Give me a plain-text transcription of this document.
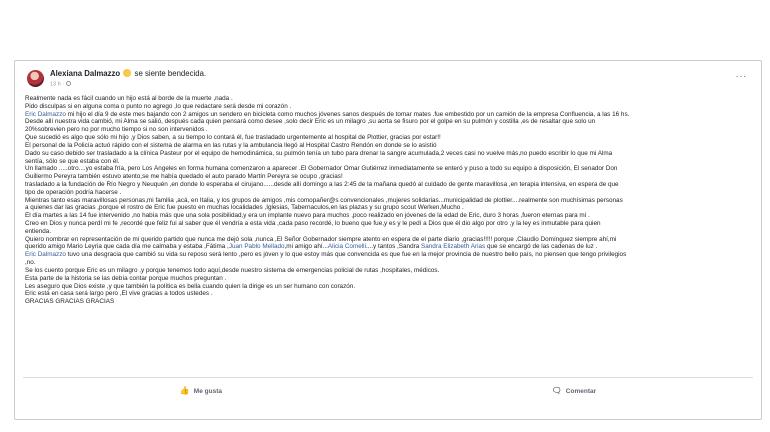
Alexiana Dalmazzo se siente bendecida.
13 h ·
···
Realmente nada es fácil cuando un hijo está al borde de la muerte ,nada .
Pido disculpas si en alguna coma o punto no agrego ,lo que redactare será desde mi corazón .
Eric Dalmazzo mi hijo el día 9 de este mes bajando con 2 amigos un sendero en bicicleta como muchos jóvenes sanos después de tomar mates .fue embestido por un camión de la empresa Confluencia, a las 16 hs.
Desde allí nuestra vida cambió, mi Alma se salió, después cada quien pensará como desee ,solo decir Eric es un milagro ,su aorta se fisuro por el golpe en su pulmón y costilla ,es de resaltar que solo un
20%sobrevien pero no por mucho tiempo si no son intervenidos .
Que sucedió es algo que sólo mi hijo ,y Dios saben, a su tiempo lo contará él, fue trasladado urgentemente al hospital de Plottier, gracias por estar!!
El personal de la Policía actuó rápido con el sistema de alarma en las rutas y la ambulancia llegó al Hospital Castro Rendón en donde se lo asistió
Dado su caso debido ser trasladado a la clínica Pasteur por el equipo de hemodinámica, su pulmón tenía un tubo para drenar la sangre acumulada,2 veces casi no vuelve más,no puedo escribir lo que mi Alma
sentía, sólo se que estaba con él.
Un llamado .....otro....yo estaba fría, pero Los Ángeles en forma humana comenzaron a aparecer .El Gobernador Omar Gutiérrez inmediatamente se enteró y puso a todo su equipo a disposición, El senador Don
Guillermo Pereyra también estuvo atento,se me había quedado el auto parado Martín Pereyra se ocupo ,gracias!
trasladado a la fundación de Río Negro y Neuquén ,en donde lo esperaba el cirujano......desde allí domingo a las 2:45 de la mañana quedó al cuidado de gente maravillosa ,en terapia intensiva, en espera de que
tipo de operación podría hacerse .
Mientras tanto esas maravillosas personas,mi familia ,acá, en Italia, y los grupos de amigos ,mis comopañer@s convencionales ,mujeres solidarias...municipalidad de plottier....realmente son muchísimas personas
a quienes dar las gracias ,porque el rostro de Eric fue puesto en muchas localidades ,Iglesias, Tabernaculos,en las plazas y su grupo scout Werken,Mucho .
El día martes a las 14 fue intervenido ,no había más que una sola posibilidad,y era un implante nuevo para muchos ,poco realizado en jóvenes de la edad de Eric, duro 3 horas ,fueron eternas para mí .
Creo en Dios y nunca perdí mi fe ,recordé que feliz fui al saber que él vendría a esta vida ,cada paso recordé, lo bueno que fue,y es y le pedí a Dios que él dio algo por otro ,y la ley es inmutable para quien
entienda.
Quiero nombrar en representación de mi querido partido que nunca me dejó sola ,nunca ,El Señor Gobernador siempre atento en espera de el parte diario ,gracias!!!!! porque ,Claudio Domínguez siempre ahí,mi
querido amigo Mario Leyria que cada día me calmaba y estaba ,Fátima ,Juan Pablo Mellado,mi amigo ahí...Alicia Comelli....y tantos ,Sandra Sandra Elizabeth Arias que se encargó de las cadenas de luz .
Eric Dalmazzo tuvo una desgracia que cambió su vida su reposo será lento ,pero es jóven y lo que estoy más que convencida es que fue en la mejor provincia de nuestro bello país, no piensen que tengo privilegios
,no.
Se los cuento porque Eric es un milagro ,y porque tenemos todo aquí,desde nuestro sistema de emergencias policial de rutas ,hospitales, médicos.
Esta parte de la historia se las debía contar porque muchos preguntan .
Les aseguro que Dios existe ,y que también la política es bella cuando quien la dirige es un ser humano con corazón.
Eric está en casa será largo pero ,Él vive gracias a todos ustedes .
GRACIAS GRACIAS GRACIAS
👍 Me gusta	🗨 Comentar
